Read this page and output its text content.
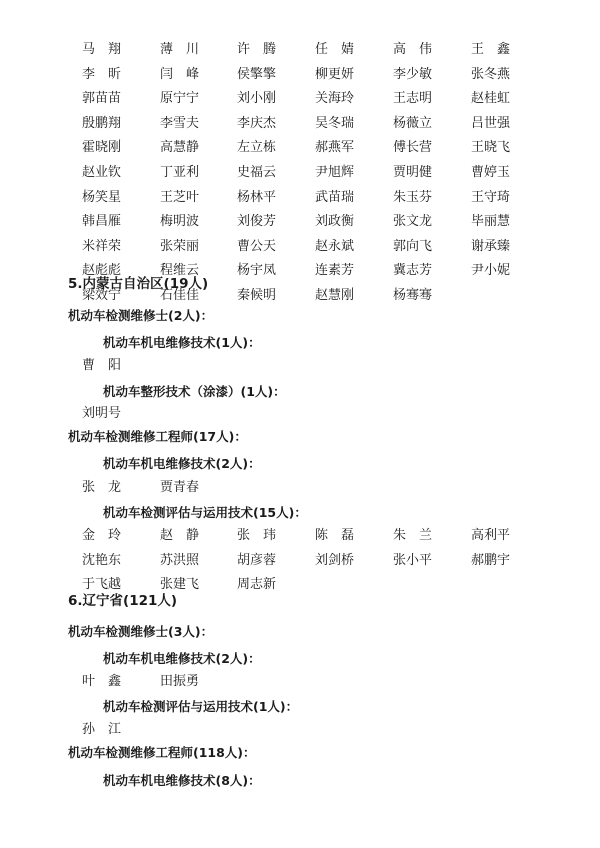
马　翔	薄　川	许　腾	任　婧	高　伟	王　鑫
李　昕	闫　峰	侯擎擎	柳更妍	李少敏	张冬燕
郭苗苗	原宁宁	刘小刚	关海玲	王志明	赵桂虹
殷鹏翔	李雪夫	李庆杰	吴冬瑞	杨薇立	吕世强
霍晓刚	高慧静	左立栋	郝燕军	傅长营	王晓飞
赵业钦	丁亚利	史福云	尹旭辉	贾明健	曹婷玉
杨笑星	王芝叶	杨林平	武苗瑞	朱玉芬	王守琦
韩昌雁	梅明波	刘俊芳	刘政衡	张文龙	毕丽慧
米祥荣	张荣丽	曹公天	赵永斌	郭向飞	谢承臻
赵彪彪	程维云	杨宇凤	连素芳	冀志芳	尹小妮
梁效宁	石佳佳	秦候明	赵慧刚	杨骞骞
5.内蒙古自治区(19人)
机动车检测维修士(2人)：
机动车机电维修技术(1人)：
曹　阳
机动车整形技术（涂漆）(1人)：
刘明号
机动车检测维修工程师(17人)：
机动车机电维修技术(2人)：
张　龙	贾青春
机动车检测评估与运用技术(15人)：
金　玲	赵　静	张　玮	陈　磊	朱　兰	高利平
沈艳东	苏洪照	胡彦蓉	刘剑桥	张小平	郝鹏宇
于飞越	张建飞	周志新
6.辽宁省(121人)
机动车检测维修士(3人)：
机动车机电维修技术(2人)：
叶　鑫	田振勇
机动车检测评估与运用技术(1人)：
孙　江
机动车检测维修工程师(118人)：
机动车机电维修技术(8人)：
